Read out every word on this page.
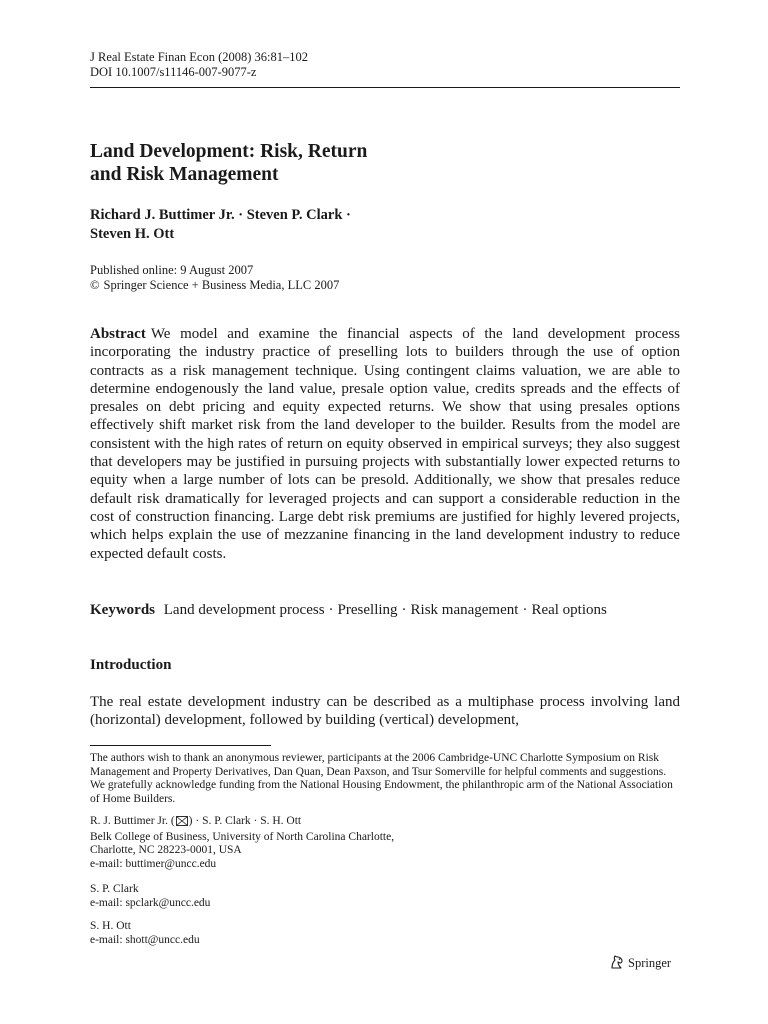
J Real Estate Finan Econ (2008) 36:81–102
DOI 10.1007/s11146-007-9077-z
Land Development: Risk, Return
and Risk Management
Richard J. Buttimer Jr. · Steven P. Clark ·
Steven H. Ott
Published online: 9 August 2007
© Springer Science + Business Media, LLC 2007

Abstract We model and examine the financial aspects of the land development process incorporating the industry practice of preselling lots to builders through the use of option contracts as a risk management technique. Using contingent claims valuation, we are able to determine endogenously the land value, presale option value, credits spreads and the effects of presales on debt pricing and equity expected returns. We show that using presales options effectively shift market risk from the land developer to the builder. Results from the model are consistent with the high rates of return on equity observed in empirical surveys; they also suggest that developers may be justified in pursuing projects with substantially lower expected returns to equity when a large number of lots can be presold. Additionally, we show that presales reduce default risk dramatically for leveraged projects and can support a considerable reduction in the cost of construction financing. Large debt risk premiums are justified for highly levered projects, which helps explain the use of mezzanine financing in the land development industry to reduce expected default costs.

Keywords Land development process · Preselling · Risk management · Real options
Introduction

The real estate development industry can be described as a multiphase process involving land (horizontal) development, followed by building (vertical) development,

The authors wish to thank an anonymous reviewer, participants at the 2006 Cambridge-UNC Charlotte Symposium on Risk Management and Property Derivatives, Dan Quan, Dean Paxson, and Tsur Somerville for helpful comments and suggestions. We gratefully acknowledge funding from the National Housing Endowment, the philanthropic arm of the National Association of Home Builders.

R. J. Buttimer Jr. ( ) · S. P. Clark · S. H. Ott
Belk College of Business, University of North Carolina Charlotte,
Charlotte, NC 28223-0001, USA
e-mail: buttimer@uncc.edu
S. P. Clark
e-mail: spclark@uncc.edu
S. H. Ott
e-mail: shott@uncc.edu
Springer
